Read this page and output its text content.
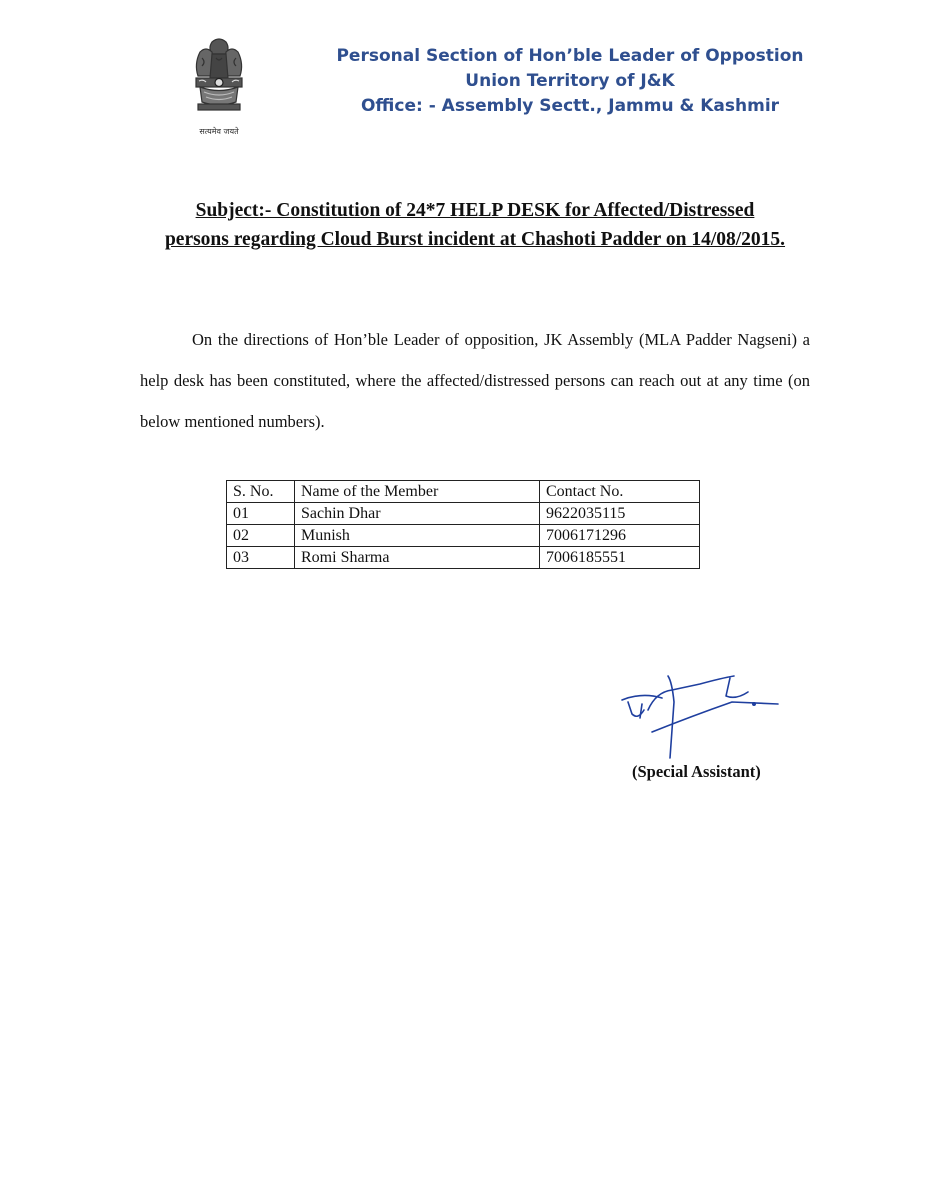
सत्यमेव जयते
Personal Section of Hon’ble Leader of Oppostion
Union Territory of J&K
Office: - Assembly Sectt., Jammu & Kashmir
Subject:- Constitution of 24*7 HELP DESK for Affected/Distressed
persons regarding Cloud Burst incident at Chashoti Padder on 14/08/2015.

On the directions of Hon’ble Leader of opposition, JK Assembly (MLA Padder Nagseni) a help desk has been constituted, where the affected/distressed persons can reach out at any time (on below mentioned numbers).

S. No.	Name of the Member	Contact No.
01	Sachin Dhar	9622035115
02	Munish	7006171296
03	Romi Sharma	7006185551
(Special Assistant)
